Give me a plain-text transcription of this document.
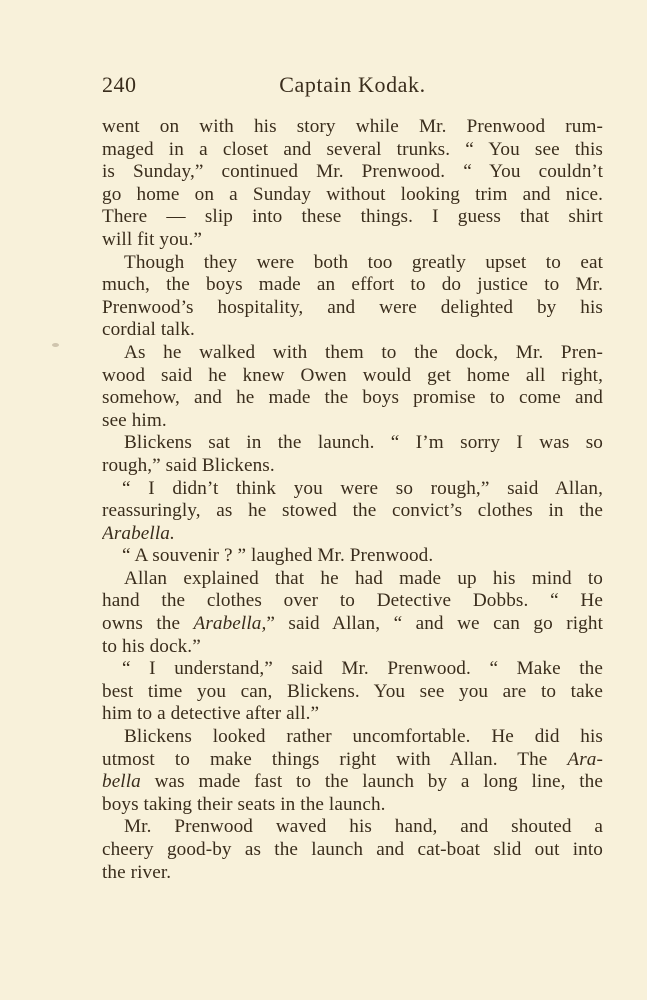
240	Captain Kodak.
went on with his story while Mr. Prenwood rum-
maged in a closet and several trunks. “ You see this
is Sunday,” continued Mr. Prenwood. “ You couldn’t
go home on a Sunday without looking trim and nice.
There — slip into these things. I guess that shirt
will fit you.”
Though they were both too greatly upset to eat
much, the boys made an effort to do justice to Mr.
Prenwood’s hospitality, and were delighted by his
cordial talk.
As he walked with them to the dock, Mr. Pren-
wood said he knew Owen would get home all right,
somehow, and he made the boys promise to come and
see him.
Blickens sat in the launch. “ I’m sorry I was so
rough,” said Blickens.
“ I didn’t think you were so rough,” said Allan,
reassuringly, as he stowed the convict’s clothes in the
Arabella.
“ A souvenir ? ” laughed Mr. Prenwood.
Allan explained that he had made up his mind to
hand the clothes over to Detective Dobbs. “ He
owns the Arabella,” said Allan, “ and we can go right
to his dock.”
“ I understand,” said Mr. Prenwood. “ Make the
best time you can, Blickens. You see you are to take
him to a detective after all.”
Blickens looked rather uncomfortable. He did his
utmost to make things right with Allan. The Ara-
bella was made fast to the launch by a long line, the
boys taking their seats in the launch.
Mr. Prenwood waved his hand, and shouted a
cheery good-by as the launch and cat-boat slid out into
the river.
